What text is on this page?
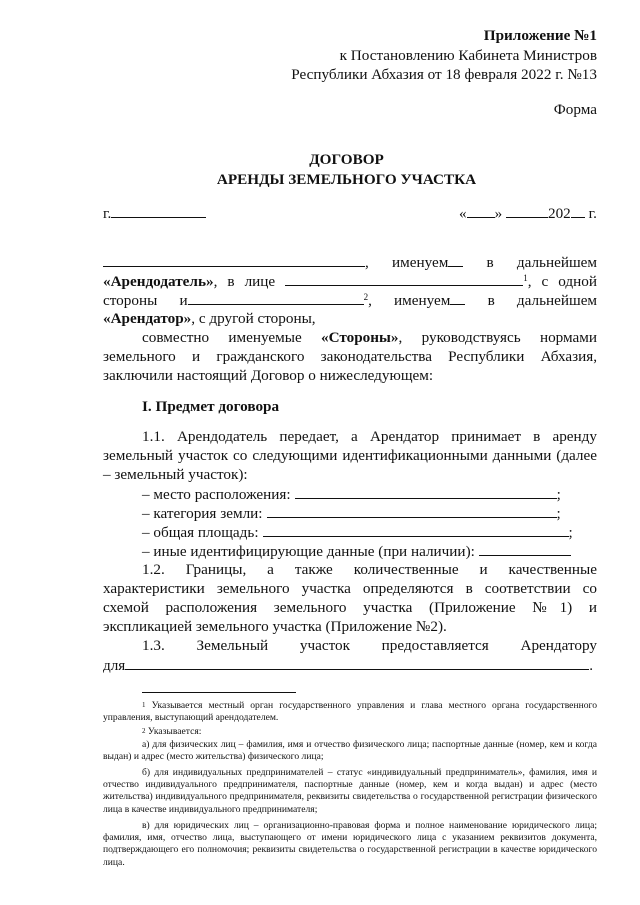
Приложение №1
к Постановлению Кабинета Министров
Республики Абхазия от 18 февраля 2022 г. №13
Форма
ДОГОВОР
АРЕНДЫ ЗЕМЕЛЬНОГО УЧАСТКА
г.	« »	202 г.
, именуем	в дальнейшем
«Арендодатель», в лице	$^1$, с одной
стороны и	$^2$, именуем в дальнейшем
«Арендатор», с другой стороны,
совместно именуемые «Стороны», руководствуясь нормами
земельного и гражданского законодательства Республики Абхазия,
заключили настоящий Договор о нижеследующем:
I. Предмет договора
1.1. Арендодатель передает, а Арендатор принимает в аренду
земельный участок со следующими идентификационными данными (далее
– земельный участок):
– место расположения:	;
– категория земли:	;
– общая площадь:	;
– иные идентифицирующие данные (при наличии):
1.2. Границы, а также количественные и качественные
характеристики земельного участка определяются в соответствии со
схемой расположения земельного участка (Приложение №1) и
экспликацией земельного участка (Приложение №2).
1.3. Земельный участок предоставляется Арендатору
для	.
$^1$ Указывается местный орган государственного управления и глава местного органа государственного управления, выступающий арендодателем.
$^2$ Указывается:
а) для физических лиц – фамилия, имя и отчество физического лица; паспортные данные (номер, кем и когда выдан) и адрес (место жительства) физического лица;
б) для индивидуальных предпринимателей – статус «индивидуальный предприниматель», фамилия, имя и отчество индивидуального предпринимателя, паспортные данные (номер, кем и когда выдан) и адрес (место жительства) индивидуального предпринимателя, реквизиты свидетельства о государственной регистрации физического лица в качестве индивидуального предпринимателя;
в) для юридических лиц – организационно-правовая форма и полное наименование юридического лица; фамилия, имя, отчество лица, выступающего от имени юридического лица с указанием реквизитов документа, подтверждающего его полномочия; реквизиты свидетельства о государственной регистрации в качестве юридического лица.
